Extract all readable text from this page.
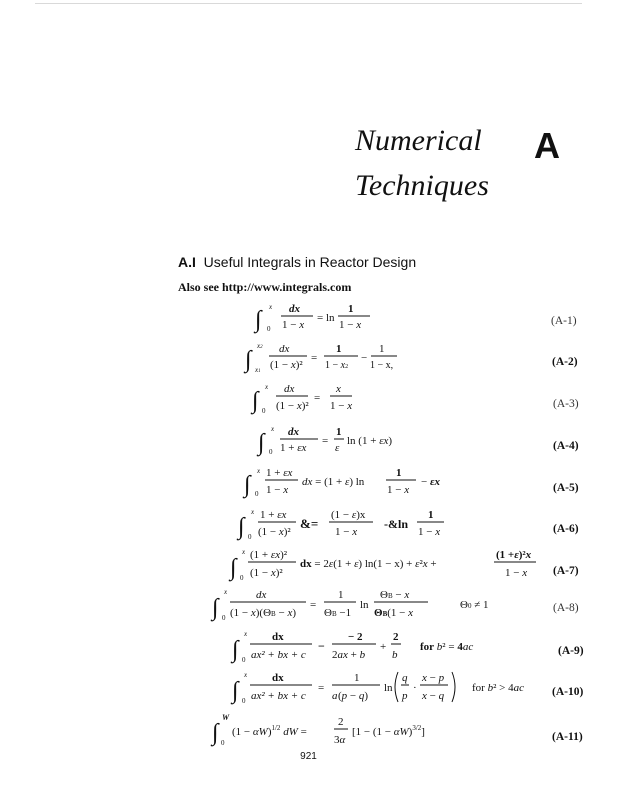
Numerical
Techniques
A
A.I Useful Integrals in Reactor Design
Also see http://www.integrals.com
∫ x
0
dx
1 − x
= ln
1
1 − x	(A-1)
∫
x2
x1
dx
(1 − x)²
=
1
1 − x2
−
1
1 − x,	(A-2)
∫
x
0
dx
(1 − x)²
=
x
1 − x	(A-3)
∫
x
0
dx
1 + εx
=
1
ε
ln (1 + εx)	(A-4)
∫
x
0
1 + εx
1 − x
dx = (1 + ε) ln
1
1 − x
− εx	(A-5)
∫
x
0
1 + εx
(1 − x)²
&=
(1 − ε)x
1 − x
-&ln
1
1 − x	(A-6)
∫
x
0
(1 + εx)²
(1 − x)²
dx = 2ε(1 + ε) ln(1 − x) + ε²x +
(1 +ε)²x
1 − x (A-7)
∫
x
0
dx
(1 − x)(ΘB − x)
=
1
ΘB −1
ln
ΘB − x
ΘB(1 − x
Θ0 ≠ 1	(A-8)
∫
x
0
dx
ax² + bx + c
−
− 2
2ax + b
+
2
b
for b² = 4ac	(A-9)
∫
x
0
dx
ax² + bx + c
=
1
a (p − q)
ln
q
p
·
x − p
x − q
for b² > 4ac (A-10)
∫
W
0
$(1 - \alpha W)^{1/2}$ dW =
2
3α
$[1 - (1 - \alpha W)^{3/2}]$	(A-11)
921
